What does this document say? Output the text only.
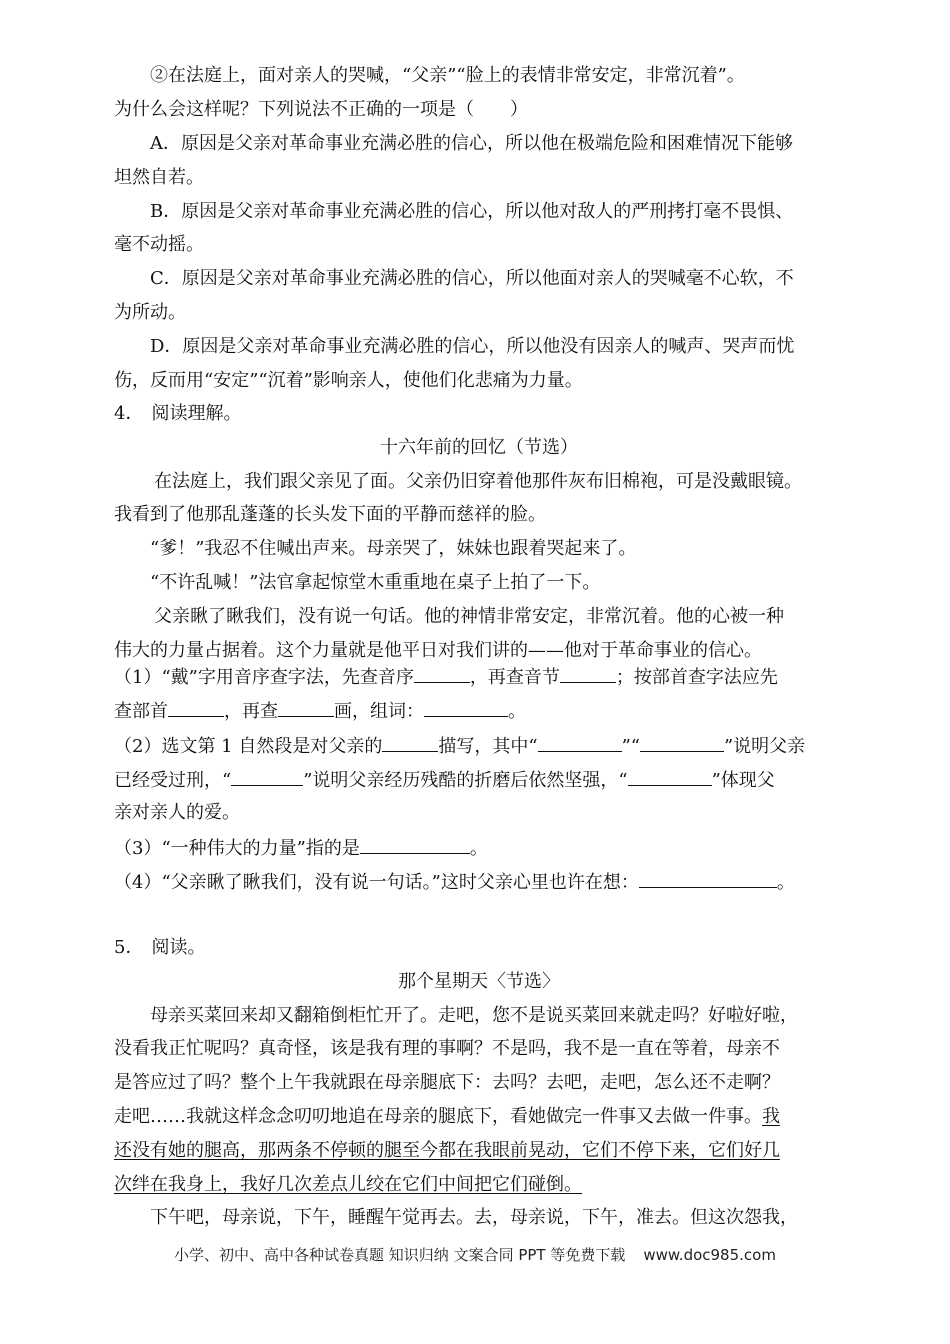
②在法庭上，面对亲人的哭喊，“父亲”“脸上的表情非常安定，非常沉着”。
为什么会这样呢？下列说法不正确的一项是（　　）
A．原因是父亲对革命事业充满必胜的信心，所以他在极端危险和困难情况下能够
坦然自若。
B．原因是父亲对革命事业充满必胜的信心，所以他对敌人的严刑拷打毫不畏惧、
毫不动摇。
C．原因是父亲对革命事业充满必胜的信心，所以他面对亲人的哭喊毫不心软，不
为所动。
D．原因是父亲对革命事业充满必胜的信心，所以他没有因亲人的喊声、哭声而忧
伤，反而用“安定”“沉着”影响亲人，使他们化悲痛为力量。
4． 阅读理解。
十六年前的回忆（节选）
在法庭上，我们跟父亲见了面。父亲仍旧穿着他那件灰布旧棉袍，可是没戴眼镜。
我看到了他那乱蓬蓬的长头发下面的平静而慈祥的脸。
“爹！”我忍不住喊出声来。母亲哭了，妹妹也跟着哭起来了。
“不许乱喊！”法官拿起惊堂木重重地在桌子上拍了一下。
父亲瞅了瞅我们，没有说一句话。他的神情非常安定，非常沉着。他的心被一种
伟大的力量占据着。这个力量就是他平日对我们讲的——他对于革命事业的信心。
（1）“戴”字用音序查字法，先查音序	，再查音节	；按部首查字法应先
查部首	，再查	画，组词：	。
（2）选文第 1 自然段是对父亲的	描写，其中“	”“	”说明父亲
已经受过刑，“	”说明父亲经历残酷的折磨后依然坚强，“	”体现父
亲对亲人的爱。
（3）“一种伟大的力量”指的是	。
（4）“父亲瞅了瞅我们，没有说一句话。”这时父亲心里也许在想：	。
5． 阅读。
那个星期天〈节选〉
母亲买菜回来却又翻箱倒柜忙开了。走吧，您不是说买菜回来就走吗？好啦好啦，
没看我正忙呢吗？真奇怪，该是我有理的事啊？不是吗，我不是一直在等着，母亲不
是答应过了吗？整个上午我就跟在母亲腿底下：去吗？去吧，走吧，怎么还不走啊？
走吧……我就这样念念叨叨地追在母亲的腿底下，看她做完一件事又去做一件事。我
还没有她的腿高，那两条不停顿的腿至今都在我眼前晃动，它们不停下来，它们好几
次绊在我身上，我好几次差点儿绞在它们中间把它们碰倒。
下午吧，母亲说，下午，睡醒午觉再去。去，母亲说，下午，准去。但这次怨我，
小学、初中、高中各种试卷真题 知识归纳 文案合同 PPT 等免费下载 www.doc985.com
